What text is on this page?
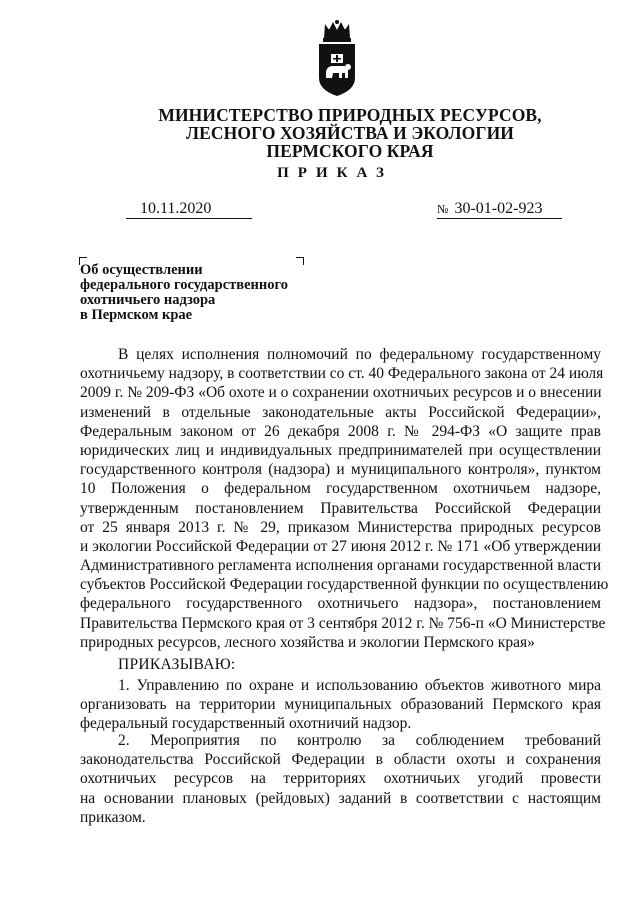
МИНИСТЕРСТВО ПРИРОДНЫХ РЕСУРСОВ,
ЛЕСНОГО ХОЗЯЙСТВА И ЭКОЛОГИИ
ПЕРМСКОГО КРАЯ
ПРИКАЗ
10.11.2020	№ 30-01-02-923
Об осуществлении
федерального государственного
охотничьего надзора
в Пермском крае
В целях исполнения полномочий по федеральному государственному
охотничьему надзору, в соответствии со ст. 40 Федерального закона от 24 июля
2009 г. № 209-ФЗ «Об охоте и о сохранении охотничьих ресурсов и о внесении
изменений в отдельные законодательные акты Российской Федерации»,
Федеральным законом от 26 декабря 2008 г. № 294-ФЗ «О защите прав
юридических лиц и индивидуальных предпринимателей при осуществлении
государственного контроля (надзора) и муниципального контроля», пунктом
10 Положения о федеральном государственном охотничьем надзоре,
утвержденным постановлением Правительства Российской Федерации
от 25 января 2013 г. № 29, приказом Министерства природных ресурсов
и экологии Российской Федерации от 27 июня 2012 г. № 171 «Об утверждении
Административного регламента исполнения органами государственной власти
субъектов Российской Федерации государственной функции по осуществлению
федерального государственного охотничьего надзора», постановлением
Правительства Пермского края от 3 сентября 2012 г. № 756-п «О Министерстве
природных ресурсов, лесного хозяйства и экологии Пермского края»
ПРИКАЗЫВАЮ:
1. Управлению по охране и использованию объектов животного мира
организовать на территории муниципальных образований Пермского края
федеральный государственный охотничий надзор.
2. Мероприятия по контролю за соблюдением требований
законодательства Российской Федерации в области охоты и сохранения
охотничьих ресурсов на территориях охотничьих угодий провести
на основании плановых (рейдовых) заданий в соответствии с настоящим
приказом.
